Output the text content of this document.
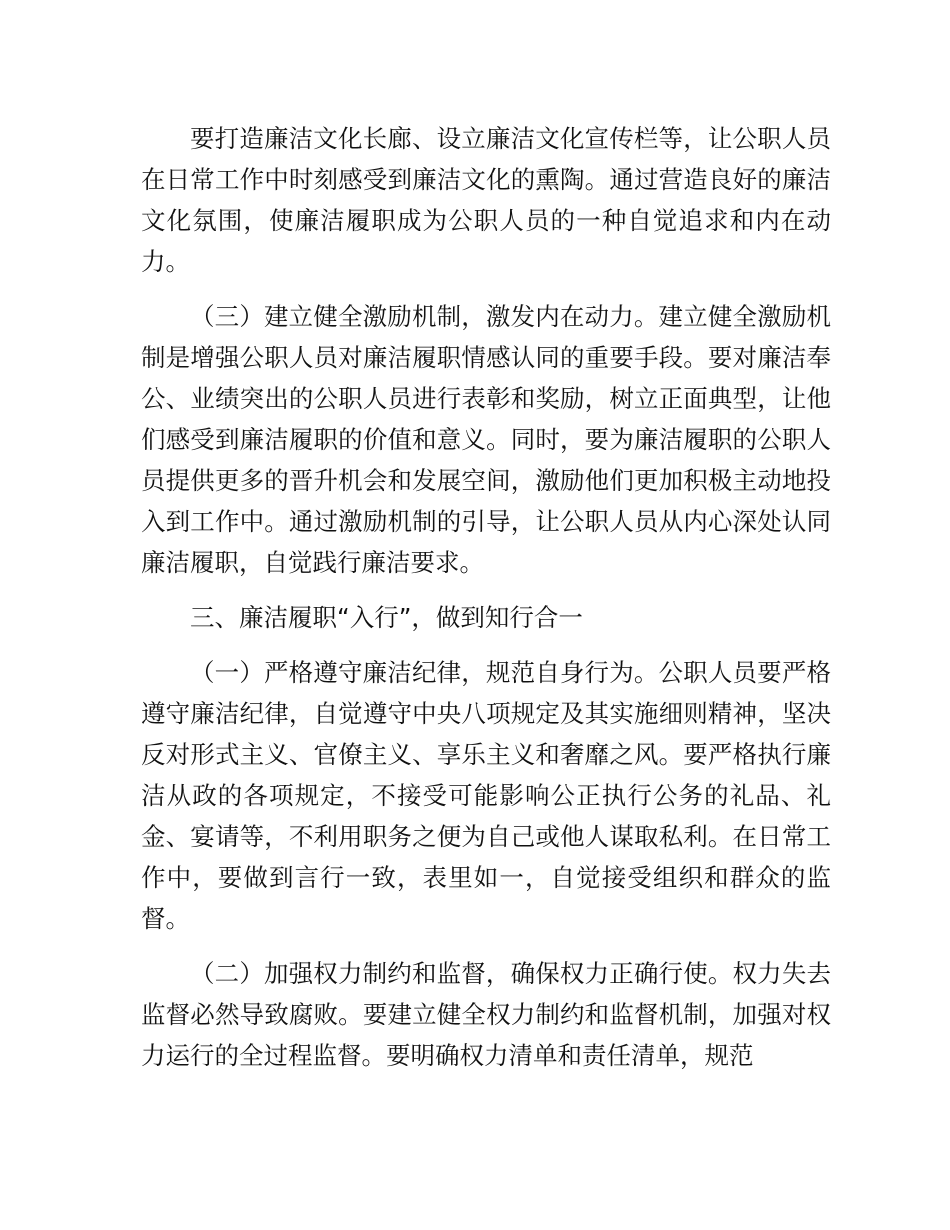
要打造廉洁文化长廊、设立廉洁文化宣传栏等，让公职人员在日常工作中时刻感受到廉洁文化的熏陶。通过营造良好的廉洁文化氛围，使廉洁履职成为公职人员的一种自觉追求和内在动力。

（三）建立健全激励机制，激发内在动力。建立健全激励机制是增强公职人员对廉洁履职情感认同的重要手段。要对廉洁奉公、业绩突出的公职人员进行表彰和奖励，树立正面典型，让他们感受到廉洁履职的价值和意义。同时，要为廉洁履职的公职人员提供更多的晋升机会和发展空间，激励他们更加积极主动地投入到工作中。通过激励机制的引导，让公职人员从内心深处认同廉洁履职，自觉践行廉洁要求。

三、廉洁履职“入行”，做到知行合一

（一）严格遵守廉洁纪律，规范自身行为。公职人员要严格遵守廉洁纪律，自觉遵守中央八项规定及其实施细则精神，坚决反对形式主义、官僚主义、享乐主义和奢靡之风。要严格执行廉洁从政的各项规定，不接受可能影响公正执行公务的礼品、礼金、宴请等，不利用职务之便为自己或他人谋取私利。在日常工作中，要做到言行一致，表里如一，自觉接受组织和群众的监督。

（二）加强权力制约和监督，确保权力正确行使。权力失去监督必然导致腐败。要建立健全权力制约和监督机制，加强对权力运行的全过程监督。要明确权力清单和责任清单，规范
